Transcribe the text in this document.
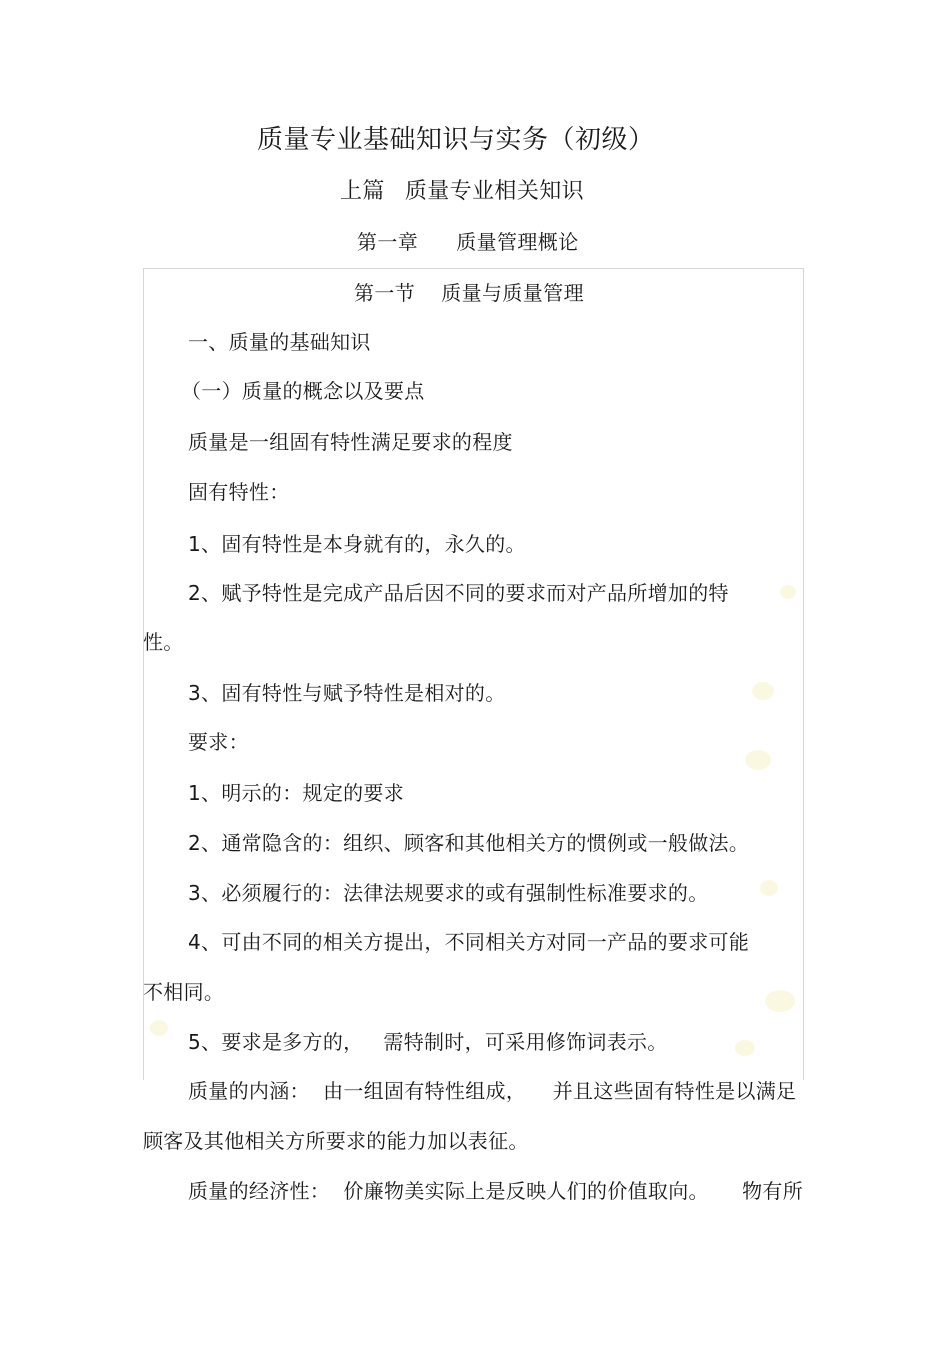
质量专业基础知识与实务（初级）
上篇 质量专业相关知识
第一章 质量管理概论
第一节 质量与质量管理
一、质量的基础知识
（一）质量的概念以及要点
质量是一组固有特性满足要求的程度
固有特性：
1、固有特性是本身就有的，永久的。
2、赋予特性是完成产品后因不同的要求而对产品所增加的特
性。
3、固有特性与赋予特性是相对的。
要求：
1、明示的：规定的要求
2、通常隐含的：组织、顾客和其他相关方的惯例或一般做法。
3、必须履行的：法律法规要求的或有强制性标准要求的。
4、可由不同的相关方提出，不同相关方对同一产品的要求可能
不相同。
5、要求是多方的，   需特制时，可采用修饰词表示。
质量的内涵：  由一组固有特性组成，    并且这些固有特性是以满足
顾客及其他相关方所要求的能力加以表征。
质量的经济性：  价廉物美实际上是反映人们的价值取向。     物有所
